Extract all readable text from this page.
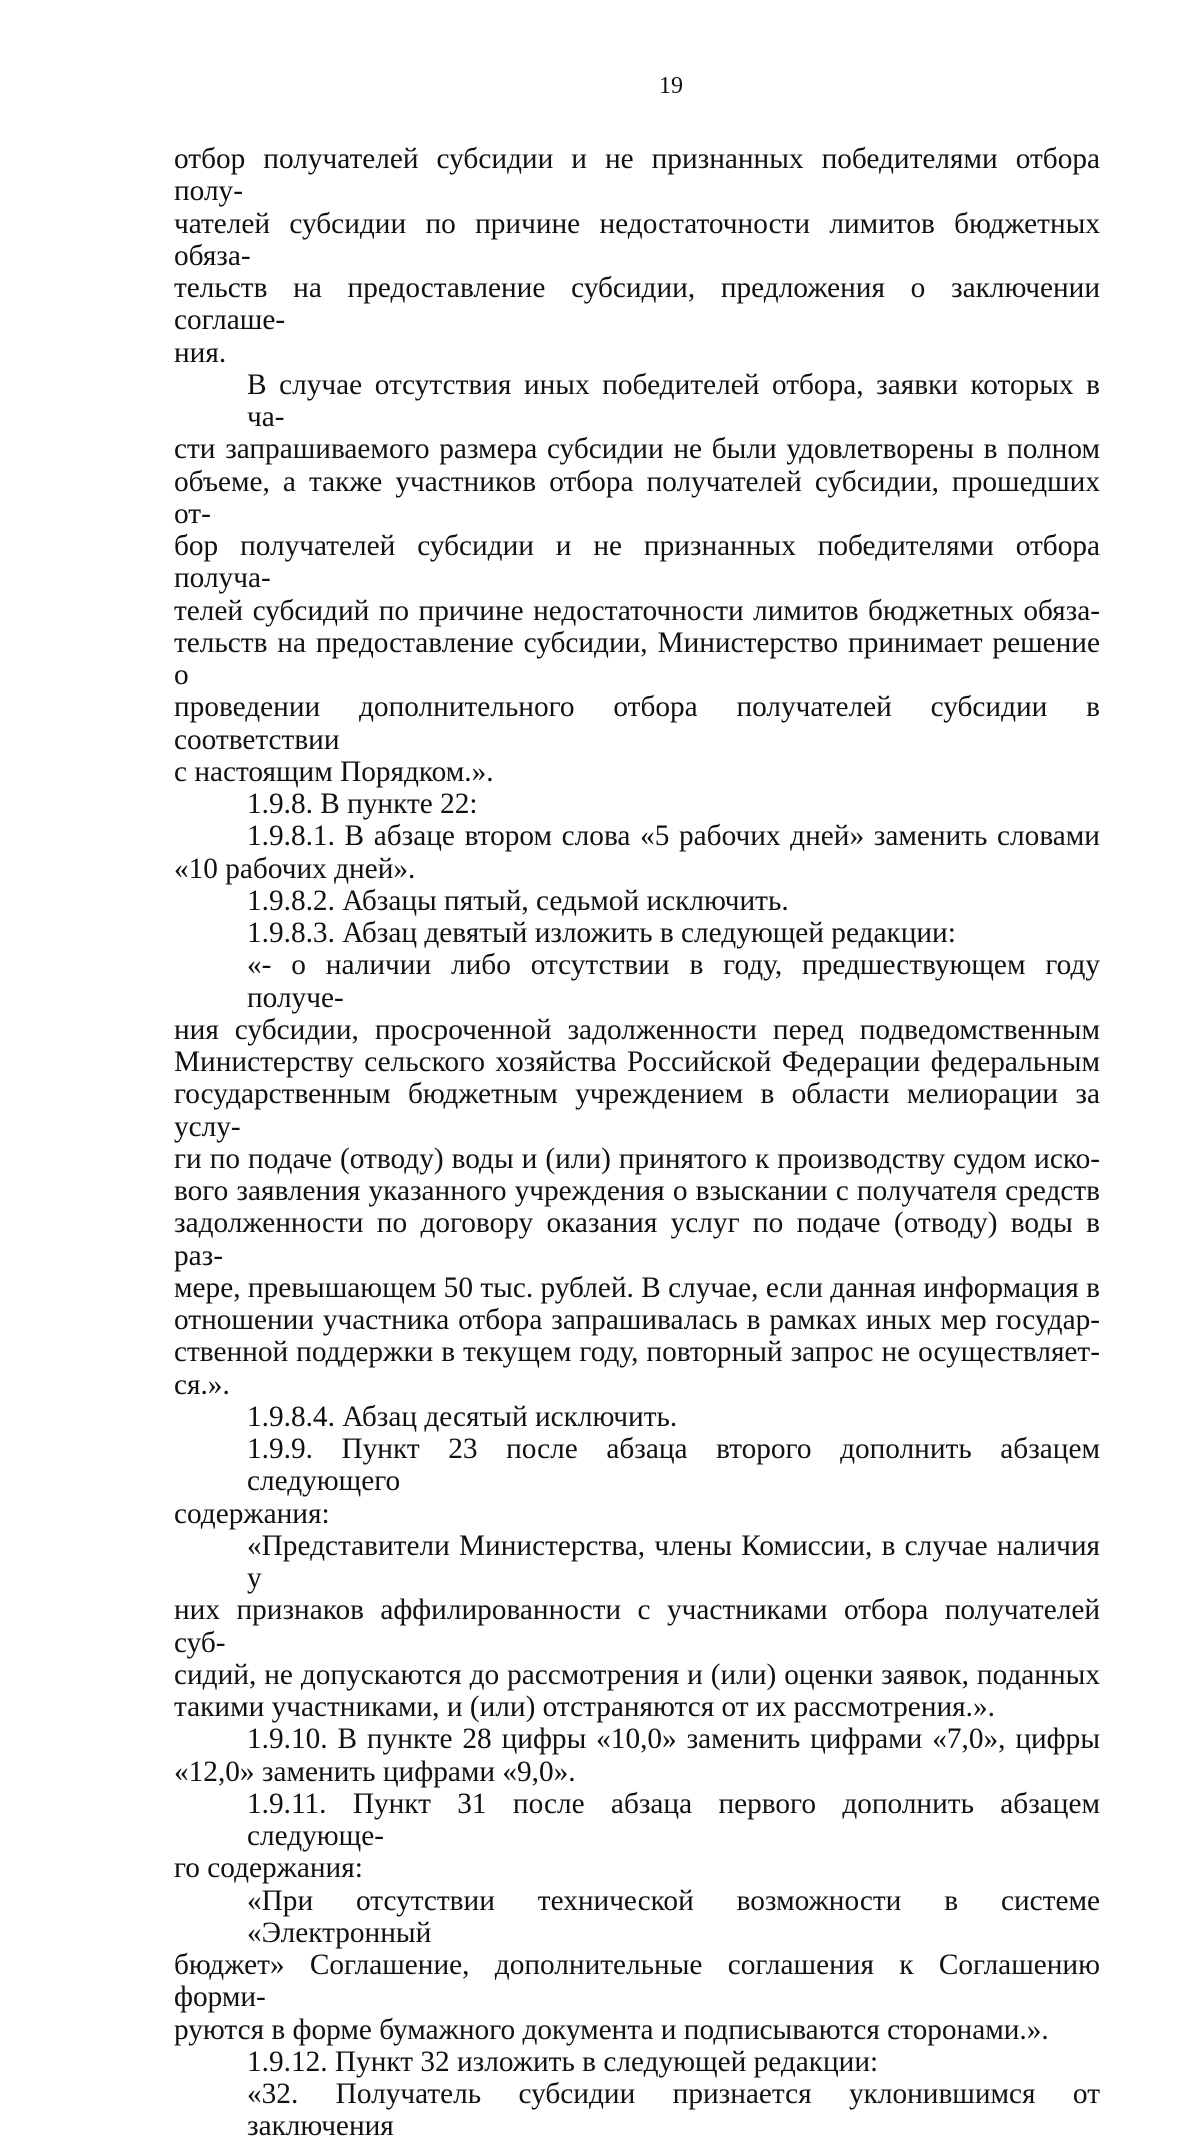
19

отбор получателей субсидии и не признанных победителями отбора полу-
чателей субсидии по причине недостаточности лимитов бюджетных обяза-
тельств на предоставление субсидии, предложения о заключении соглаше-
ния.

В случае отсутствия иных победителей отбора, заявки которых в ча-
сти запрашиваемого размера субсидии не были удовлетворены в полном
объеме, а также участников отбора получателей субсидии, прошедших от-
бор получателей субсидии и не признанных победителями отбора получа-
телей субсидий по причине недостаточности лимитов бюджетных обяза-
тельств на предоставление субсидии, Министерство принимает решение о
проведении дополнительного отбора получателей субсидии в соответствии
с настоящим Порядком.».

1.9.8. В пункте 22:

1.9.8.1. В абзаце втором слова «5 рабочих дней» заменить словами
«10 рабочих дней».

1.9.8.2. Абзацы пятый, седьмой исключить.

1.9.8.3. Абзац девятый изложить в следующей редакции:

«- о наличии либо отсутствии в году, предшествующем году получе-
ния субсидии, просроченной задолженности перед подведомственным
Министерству сельского хозяйства Российской Федерации федеральным
государственным бюджетным учреждением в области мелиорации за услу-
ги по подаче (отводу) воды и (или) принятого к производству судом иско-
вого заявления указанного учреждения о взыскании с получателя средств
задолженности по договору оказания услуг по подаче (отводу) воды в раз-
мере, превышающем 50 тыс. рублей. В случае, если данная информация в
отношении участника отбора запрашивалась в рамках иных мер государ-
ственной поддержки в текущем году, повторный запрос не осуществляет-
ся.».

1.9.8.4. Абзац десятый исключить.

1.9.9. Пункт 23 после абзаца второго дополнить абзацем следующего
содержания:

«Представители Министерства, члены Комиссии, в случае наличия у
них признаков аффилированности с участниками отбора получателей суб-
сидий, не допускаются до рассмотрения и (или) оценки заявок, поданных
такими участниками, и (или) отстраняются от их рассмотрения.».

1.9.10. В пункте 28 цифры «10,0» заменить цифрами «7,0», цифры
«12,0» заменить цифрами «9,0».

1.9.11. Пункт 31 после абзаца первого дополнить абзацем следующе-
го содержания:

«При отсутствии технической возможности в системе «Электронный
бюджет» Соглашение, дополнительные соглашения к Соглашению форми-
руются в форме бумажного документа и подписываются сторонами.».

1.9.12. Пункт 32 изложить в следующей редакции:

«32. Получатель субсидии признается уклонившимся от заключения
